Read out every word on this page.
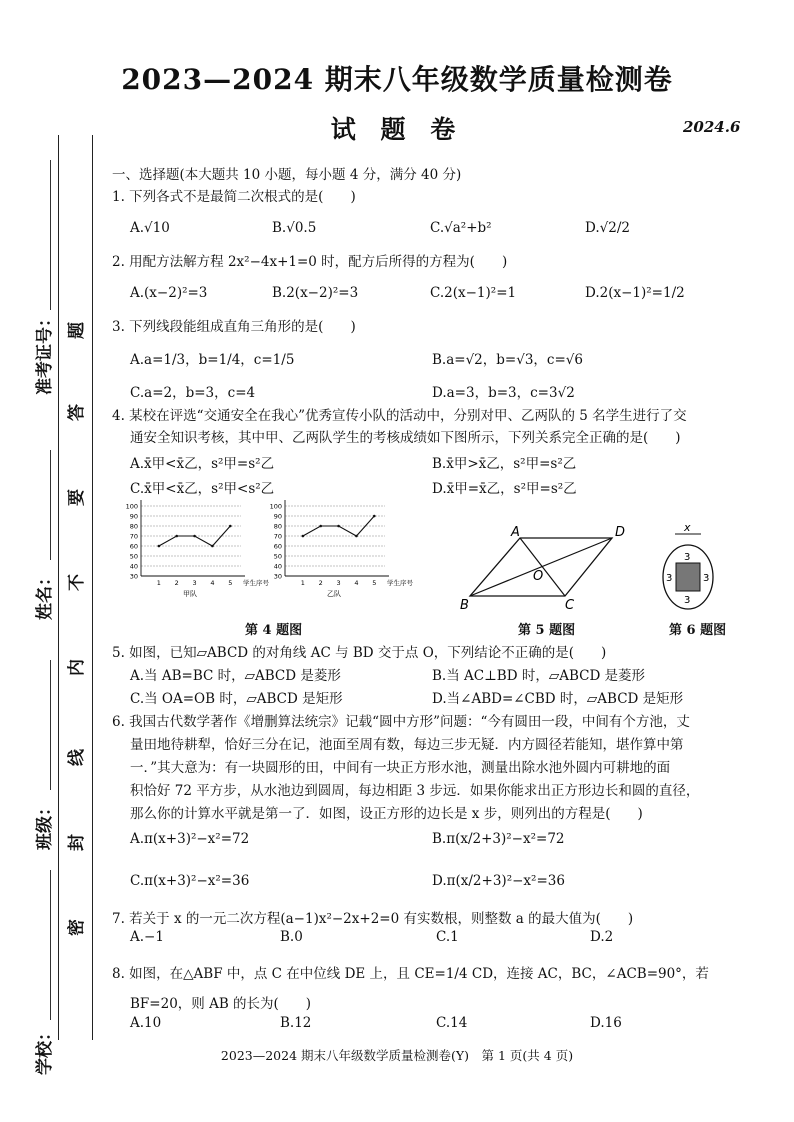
2023—2024 期末八年级数学质量检测卷
试 题 卷	2024.6
准考证号：
姓名：
班级：
学校：
题
答
要
不
内
线
封
密
一、选择题(本大题共 10 小题，每小题 4 分，满分 40 分)
1. 下列各式不是最简二次根式的是(　　)
A.√10	B.√0.5	C.√a²+b²	D.√2/2
2. 用配方法解方程 2x²−4x+1=0 时，配方后所得的方程为(　　)
A.(x−2)²=3	B.2(x−2)²=3	C.2(x−1)²=1	D.2(x−1)²=1/2
3. 下列线段能组成直角三角形的是(　　)
A.a=1/3，b=1/4，c=1/5	B.a=√2，b=√3，c=√6
C.a=2，b=3，c=4	D.a=3，b=3，c=3√2
4. 某校在评选“交通安全在我心”优秀宣传小队的活动中，分别对甲、乙两队的 5 名学生进行了交
通安全知识考核，其中甲、乙两队学生的考核成绩如下图所示，下列关系完全正确的是(　　)
A.x̄甲<x̄乙，s²甲=s²乙	B.x̄甲>x̄乙，s²甲=s²乙
C.x̄甲<x̄乙，s²甲<s²乙	D.x̄甲=x̄乙，s²甲=s²乙
30
40
50
60
70
80
90
100
1 2 3 4 5 学生序号
甲队
30
40
50
60
70
80
90
100
1 2 3 4 5 学生序号
乙队
A	D
O
B	C
x
3
3	3
3
第 4 题图	第 5 题图	第 6 题图
5. 如图，已知▱ABCD 的对角线 AC 与 BD 交于点 O，下列结论不正确的是(　　)
A.当 AB=BC 时，▱ABCD 是菱形	B.当 AC⊥BD 时，▱ABCD 是菱形
C.当 OA=OB 时，▱ABCD 是矩形	D.当∠ABD=∠CBD 时，▱ABCD 是矩形
6. 我国古代数学著作《增删算法统宗》记载“圆中方形”问题：“今有圆田一段，中间有个方池，丈
量田地待耕犁，恰好三分在记，池面至周有数，每边三步无疑．内方圆径若能知，堪作算中第
一．”其大意为：有一块圆形的田，中间有一块正方形水池，测量出除水池外圆内可耕地的面
积恰好 72 平方步，从水池边到圆周，每边相距 3 步远．如果你能求出正方形边长和圆的直径，
那么你的计算水平就是第一了．如图，设正方形的边长是 x 步，则列出的方程是(　　)
A.π(x+3)²−x²=72	B.π(x/2+3)²−x²=72
C.π(x+3)²−x²=36	D.π(x/2+3)²−x²=36
7. 若关于 x 的一元二次方程(a−1)x²−2x+2=0 有实数根，则整数 a 的最大值为(　　)
A.−1	B.0	C.1	D.2
8. 如图，在△ABF 中，点 C 在中位线 DE 上，且 CE=1/4 CD，连接 AC，BC，∠ACB=90°，若
BF=20，则 AB 的长为(　　)
A.10	B.12	C.14	D.16
2023—2024 期末八年级数学质量检测卷(Y)　第 1 页(共 4 页)
